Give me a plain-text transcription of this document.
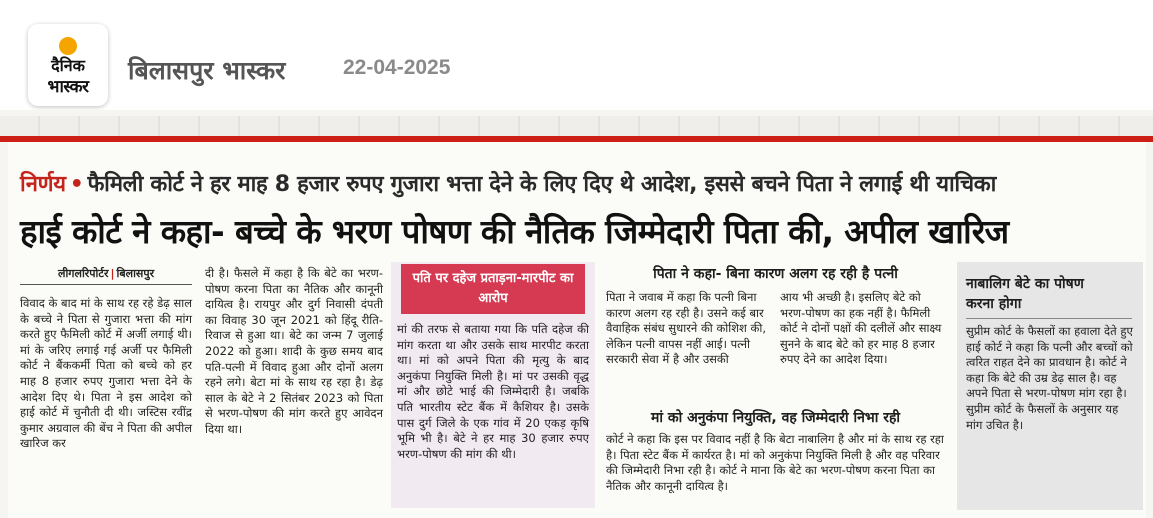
दैनिक
भास्कर
बिलासपुर भास्कर	22-04-2025
निर्णय • फैमिली कोर्ट ने हर माह 8 हजार रुपए गुजारा भत्ता देने के लिए दिए थे आदेश, इससे बचने पिता ने लगाई थी याचिका
हाई कोर्ट ने कहा- बच्चे के भरण पोषण की नैतिक जिम्मेदारी पिता की, अपील खारिज
लीगलरिपोर्टर | बिलासपुर

विवाद के बाद मां के साथ रह रहे डेढ़ साल के बच्चे ने पिता से गुजारा भत्ता की मांग करते हुए फैमिली कोर्ट में अर्जी लगाई थी। मां के जरिए लगाई गई अर्जी पर फैमिली कोर्ट ने बैंककर्मी पिता को बच्चे को हर माह 8 हजार रुपए गुजारा भत्ता देने के आदेश दिए थे। पिता ने इस आदेश को हाई कोर्ट में चुनौती दी थी। जस्टिस रवींद्र कुमार अग्रवाल की बेंच ने पिता की अपील खारिज कर

दी है। फैसले में कहा है कि बेटे का भरण-पोषण करना पिता का नैतिक और कानूनी दायित्व है। रायपुर और दुर्ग निवासी दंपती का विवाह 30 जून 2021 को हिंदू रीति-रिवाज से हुआ था। बेटे का जन्म 7 जुलाई 2022 को हुआ। शादी के कुछ समय बाद पति-पत्नी में विवाद हुआ और दोनों अलग रहने लगे। बेटा मां के साथ रह रहा है। डेढ़ साल के बेटे ने 2 सितंबर 2023 को पिता से भरण-पोषण की मांग करते हुए आवेदन दिया था।

पति पर दहेज प्रताड़ना-मारपीट का आरोप

मां की तरफ से बताया गया कि पति दहेज की मांग करता था और उसके साथ मारपीट करता था। मां को अपने पिता की मृत्यु के बाद अनुकंपा नियुक्ति मिली है। मां पर उसकी वृद्ध मां और छोटे भाई की जिम्मेदारी है। जबकि पति भारतीय स्टेट बैंक में कैशियर है। उसके पास दुर्ग जिले के एक गांव में 20 एकड़ कृषि भूमि भी है। बेटे ने हर माह 30 हजार रुपए भरण-पोषण की मांग की थी।

पिता ने कहा- बिना कारण अलग रह रही है पत्नी

पिता ने जवाब में कहा कि पत्नी बिना कारण अलग रह रही है। उसने कई बार वैवाहिक संबंध सुधारने की कोशिश की, लेकिन पत्नी वापस नहीं आई। पत्नी सरकारी सेवा में है और उसकी

आय भी अच्छी है। इसलिए बेटे को भरण-पोषण का हक नहीं है। फैमिली कोर्ट ने दोनों पक्षों की दलीलें और साक्ष्य सुनने के बाद बेटे को हर माह 8 हजार रुपए देने का आदेश दिया।

मां को अनुकंपा नियुक्ति, वह जिम्मेदारी निभा रही

कोर्ट ने कहा कि इस पर विवाद नहीं है कि बेटा नाबालिग है और मां के साथ रह रहा है। पिता स्टेट बैंक में कार्यरत है। मां को अनुकंपा नियुक्ति मिली है और वह परिवार की जिम्मेदारी निभा रही है। कोर्ट ने माना कि बेटे का भरण-पोषण करना पिता का नैतिक और कानूनी दायित्व है।

नाबालिग बेटे का पोषण करना होगा

सुप्रीम कोर्ट के फैसलों का हवाला देते हुए हाई कोर्ट ने कहा कि पत्नी और बच्चों को त्वरित राहत देने का प्रावधान है। कोर्ट ने कहा कि बेटे की उम्र डेढ़ साल है। वह अपने पिता से भरण-पोषण मांग रहा है। सुप्रीम कोर्ट के फैसलों के अनुसार यह मांग उचित है।
